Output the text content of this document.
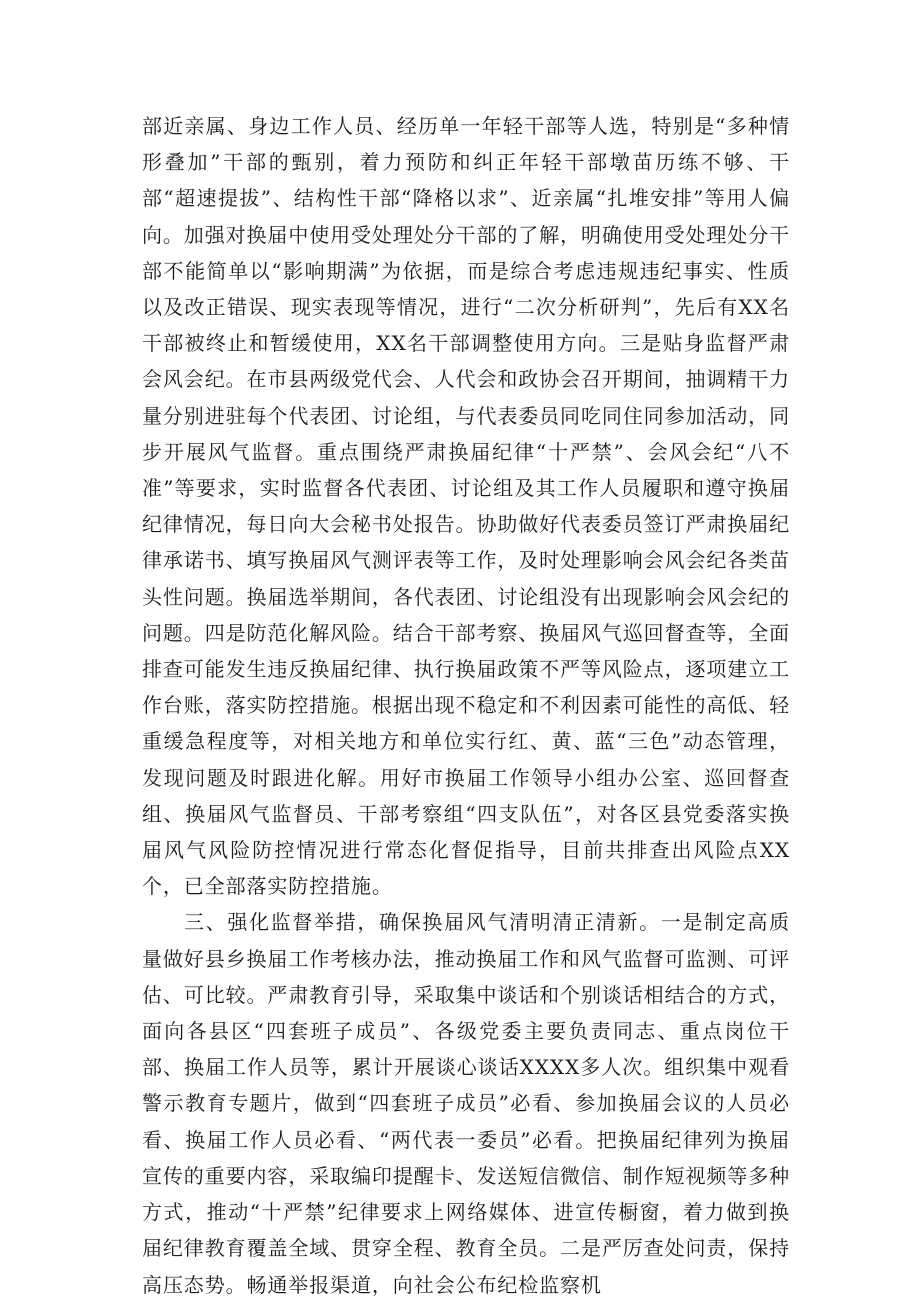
部近亲属、身边工作人员、经历单一年轻干部等人选，特别是“多种情形叠加”干部的甄别，着力预防和纠正年轻干部墩苗历练不够、干部“超速提拔”、结构性干部“降格以求”、近亲属“扎堆安排”等用人偏向。加强对换届中使用受处理处分干部的了解，明确使用受处理处分干部不能简单以“影响期满”为依据，而是综合考虑违规违纪事实、性质以及改正错误、现实表现等情况，进行“二次分析研判”，先后有XX名干部被终止和暂缓使用，XX名干部调整使用方向。三是贴身监督严肃会风会纪。在市县两级党代会、人代会和政协会召开期间，抽调精干力量分别进驻每个代表团、讨论组，与代表委员同吃同住同参加活动，同步开展风气监督。重点围绕严肃换届纪律“十严禁”、会风会纪“八不准”等要求，实时监督各代表团、讨论组及其工作人员履职和遵守换届纪律情况，每日向大会秘书处报告。协助做好代表委员签订严肃换届纪律承诺书、填写换届风气测评表等工作，及时处理影响会风会纪各类苗头性问题。换届选举期间，各代表团、讨论组没有出现影响会风会纪的问题。四是防范化解风险。结合干部考察、换届风气巡回督查等，全面排查可能发生违反换届纪律、执行换届政策不严等风险点，逐项建立工作台账，落实防控措施。根据出现不稳定和不利因素可能性的高低、轻重缓急程度等，对相关地方和单位实行红、黄、蓝“三色”动态管理，发现问题及时跟进化解。用好市换届工作领导小组办公室、巡回督查组、换届风气监督员、干部考察组“四支队伍”，对各区县党委落实换届风气风险防控情况进行常态化督促指导，目前共排查出风险点XX个，已全部落实防控措施。

三、强化监督举措，确保换届风气清明清正清新。一是制定高质量做好县乡换届工作考核办法，推动换届工作和风气监督可监测、可评估、可比较。严肃教育引导，采取集中谈话和个别谈话相结合的方式，面向各县区“四套班子成员”、各级党委主要负责同志、重点岗位干部、换届工作人员等，累计开展谈心谈话XXXX多人次。组织集中观看警示教育专题片，做到“四套班子成员”必看、参加换届会议的人员必看、换届工作人员必看、“两代表一委员”必看。把换届纪律列为换届宣传的重要内容，采取编印提醒卡、发送短信微信、制作短视频等多种方式，推动“十严禁”纪律要求上网络媒体、进宣传橱窗，着力做到换届纪律教育覆盖全域、贯穿全程、教育全员。二是严厉查处问责，保持高压态势。畅通举报渠道，向社会公布纪检监察机
